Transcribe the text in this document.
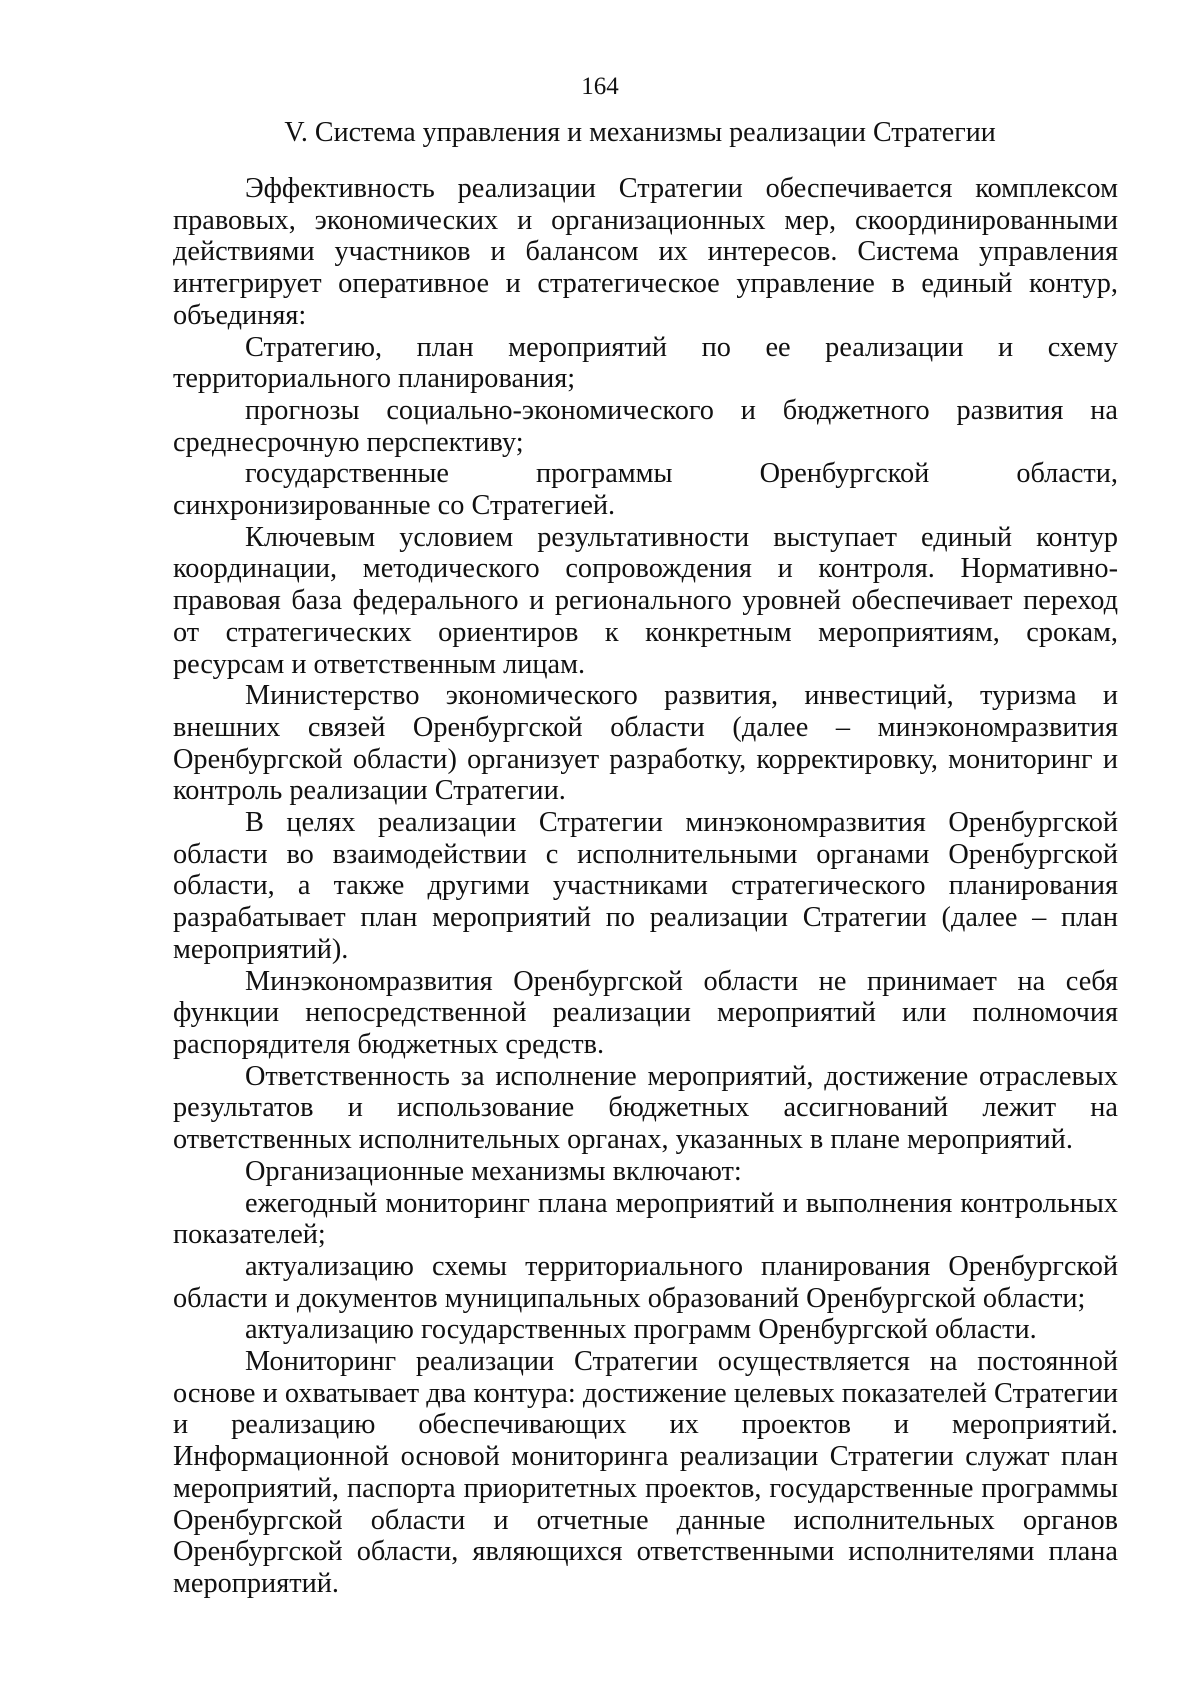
164
V. Система управления и механизмы реализации Стратегии

Эффективность реализации Стратегии обеспечивается комплексом правовых, экономических и организационных мер, скоординированными действиями участников и балансом их интересов. Система управления интегрирует оперативное и стратегическое управление в единый контур, объединяя:

Стратегию, план мероприятий по ее реализации и схему территориального планирования;

прогнозы социально-экономического и бюджетного развития на среднесрочную перспективу;

государственные программы Оренбургской области, синхронизированные со Стратегией.

Ключевым условием результативности выступает единый контур координации, методического сопровождения и контроля. Нормативно-правовая база федерального и регионального уровней обеспечивает переход от стратегических ориентиров к конкретным мероприятиям, срокам, ресурсам и ответственным лицам.

Министерство экономического развития, инвестиций, туризма и внешних связей Оренбургской области (далее – минэкономразвития Оренбургской области) организует разработку, корректировку, мониторинг и контроль реализации Стратегии.

В целях реализации Стратегии минэкономразвития Оренбургской области во взаимодействии с исполнительными органами Оренбургской области, а также другими участниками стратегического планирования разрабатывает план мероприятий по реализации Стратегии (далее – план мероприятий).

Минэкономразвития Оренбургской области не принимает на себя функции непосредственной реализации мероприятий или полномочия распорядителя бюджетных средств.

Ответственность за исполнение мероприятий, достижение отраслевых результатов и использование бюджетных ассигнований лежит на ответственных исполнительных органах, указанных в плане мероприятий.

Организационные механизмы включают:

ежегодный мониторинг плана мероприятий и выполнения контрольных показателей;

актуализацию схемы территориального планирования Оренбургской области и документов муниципальных образований Оренбургской области;

актуализацию государственных программ Оренбургской области.

Мониторинг реализации Стратегии осуществляется на постоянной основе и охватывает два контура: достижение целевых показателей Стратегии и реализацию обеспечивающих их проектов и мероприятий. Информационной основой мониторинга реализации Стратегии служат план мероприятий, паспорта приоритетных проектов, государственные программы Оренбургской области и отчетные данные исполнительных органов Оренбургской области, являющихся ответственными исполнителями плана мероприятий.
